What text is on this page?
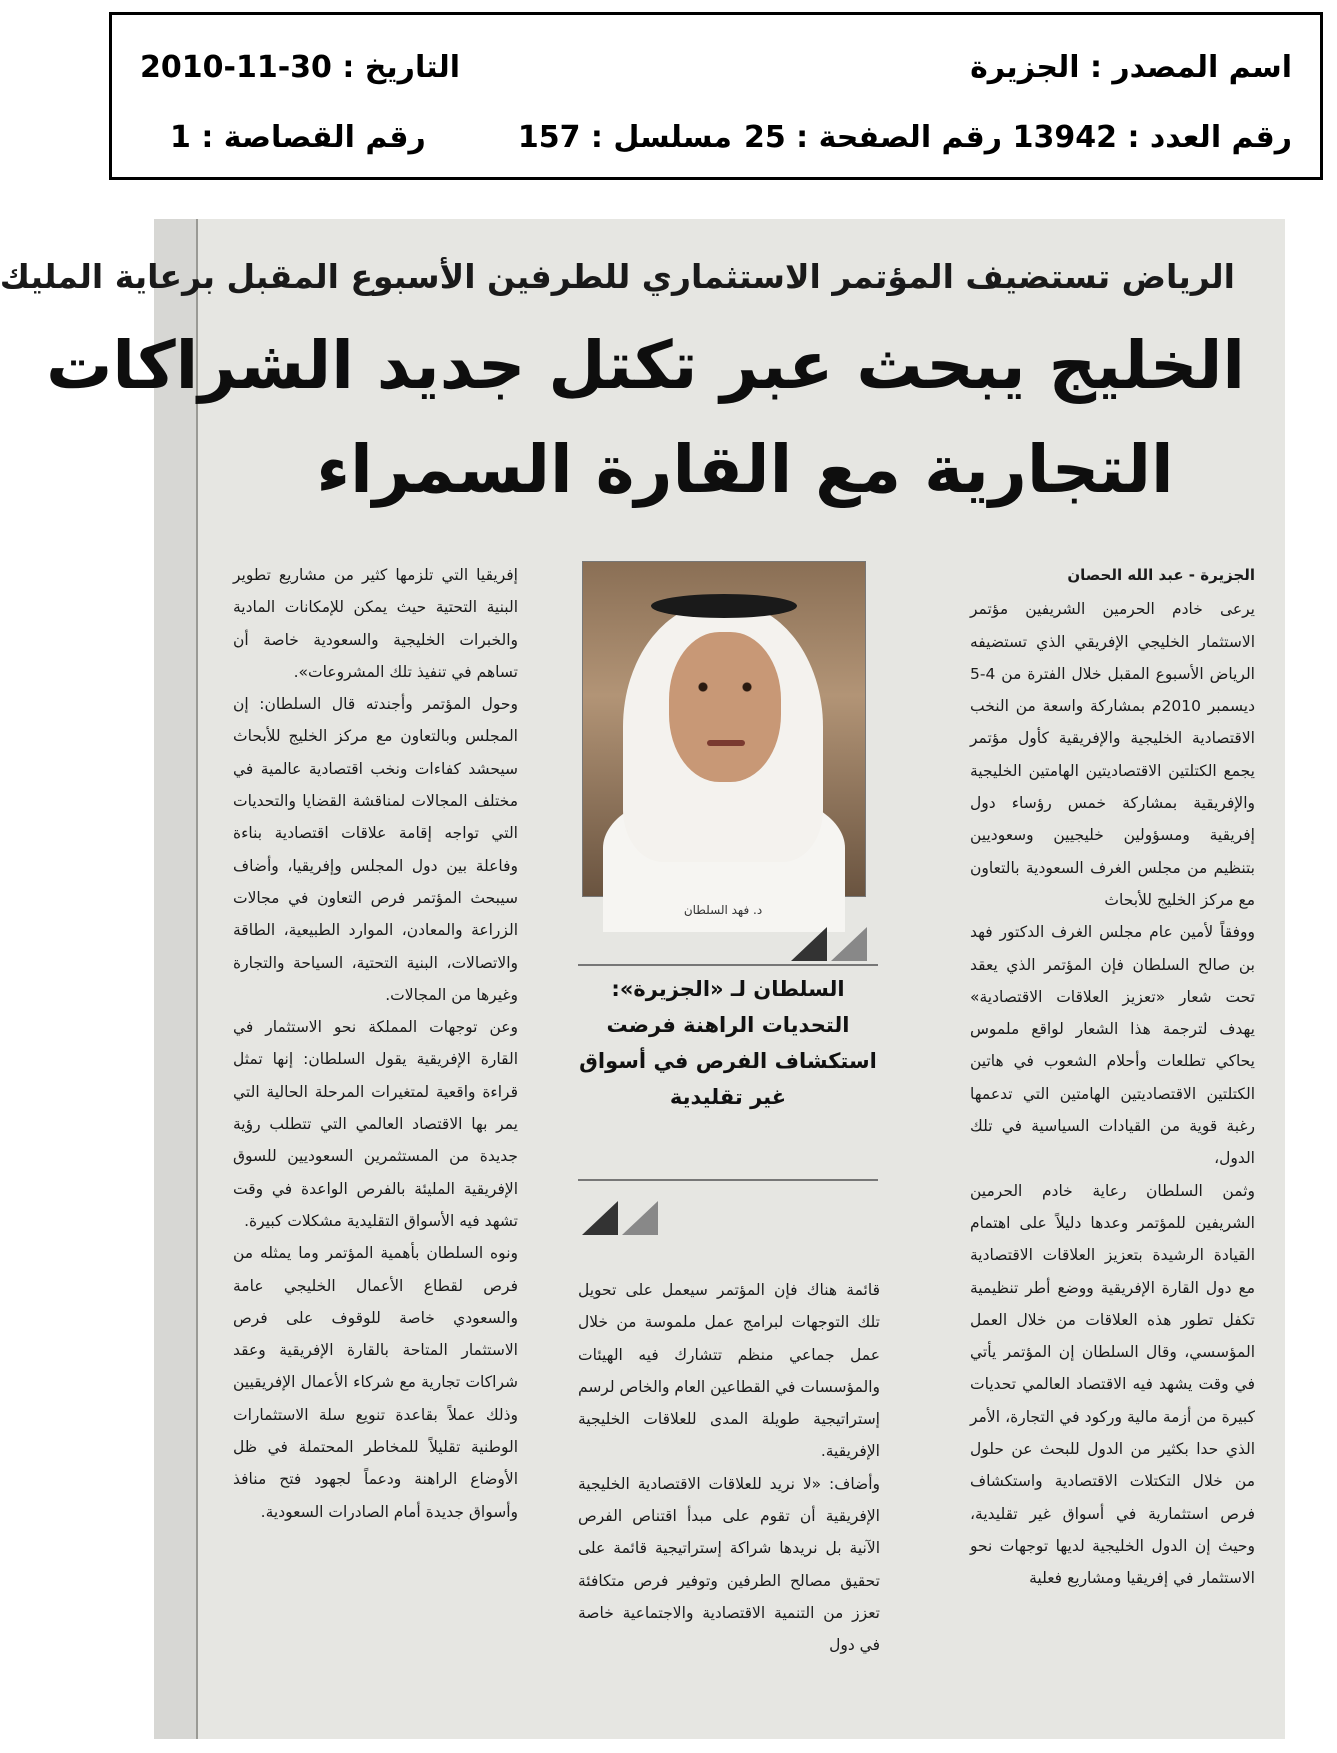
اسم المصدر : الجزيرة
التاريخ : 30-11-2010
رقم العدد : 13942
رقم الصفحة : 25
مسلسل : 157
رقم القصاصة : 1
الرياض تستضيف المؤتمر الاستثماري للطرفين الأسبوع المقبل برعاية المليك
الخليج يبحث عبر تكتل جديد الشراكات
التجارية مع القارة السمراء
الجزيرة - عبد الله الحصان

يرعى خادم الحرمين الشريفين مؤتمر الاستثمار الخليجي الإفريقي الذي تستضيفه الرياض الأسبوع المقبل خلال الفترة من 4-5 ديسمبر 2010م بمشاركة واسعة من النخب الاقتصادية الخليجية والإفريقية كأول مؤتمر يجمع الكتلتين الاقتصاديتين الهامتين الخليجية والإفريقية بمشاركة خمس رؤساء دول إفريقية ومسؤولين خليجيين وسعوديين بتنظيم من مجلس الغرف السعودية بالتعاون مع مركز الخليج للأبحاث

ووفقاً لأمين عام مجلس الغرف الدكتور فهد بن صالح السلطان فإن المؤتمر الذي يعقد تحت شعار «تعزيز العلاقات الاقتصادية» يهدف لترجمة هذا الشعار لواقع ملموس يحاكي تطلعات وأحلام الشعوب في هاتين الكتلتين الاقتصاديتين الهامتين التي تدعمها رغبة قوية من القيادات السياسية في تلك الدول،

وثمن السلطان رعاية خادم الحرمين الشريفين للمؤتمر وعدها دليلاً على اهتمام القيادة الرشيدة بتعزيز العلاقات الاقتصادية مع دول القارة الإفريقية ووضع أطر تنظيمية تكفل تطور هذه العلاقات من خلال العمل المؤسسي، وقال السلطان إن المؤتمر يأتي في وقت يشهد فيه الاقتصاد العالمي تحديات كبيرة من أزمة مالية وركود في التجارة، الأمر الذي حدا بكثير من الدول للبحث عن حلول من خلال التكتلات الاقتصادية واستكشاف فرص استثمارية في أسواق غير تقليدية، وحيث إن الدول الخليجية لديها توجهات نحو الاستثمار في إفريقيا ومشاريع فعلية

د. فهد السلطان
السلطان لـ «الجزيرة»:
التحديات الراهنة فرضت
استكشاف الفرص في أسواق
غير تقليدية

قائمة هناك فإن المؤتمر سيعمل على تحويل تلك التوجهات لبرامج عمل ملموسة من خلال عمل جماعي منظم تتشارك فيه الهيئات والمؤسسات في القطاعين العام والخاص لرسم إستراتيجية طويلة المدى للعلاقات الخليجية الإفريقية.

وأضاف: «لا نريد للعلاقات الاقتصادية الخليجية الإفريقية أن تقوم على مبدأ اقتناص الفرص الآنية بل نريدها شراكة إستراتيجية قائمة على تحقيق مصالح الطرفين وتوفير فرص متكافئة تعزز من التنمية الاقتصادية والاجتماعية خاصة في دول

إفريقيا التي تلزمها كثير من مشاريع تطوير البنية التحتية حيث يمكن للإمكانات المادية والخبرات الخليجية والسعودية خاصة أن تساهم في تنفيذ تلك المشروعات».

وحول المؤتمر وأجندته قال السلطان: إن المجلس وبالتعاون مع مركز الخليج للأبحاث سيحشد كفاءات ونخب اقتصادية عالمية في مختلف المجالات لمناقشة القضايا والتحديات التي تواجه إقامة علاقات اقتصادية بناءة وفاعلة بين دول المجلس وإفريقيا، وأضاف سيبحث المؤتمر فرص التعاون في مجالات الزراعة والمعادن، الموارد الطبيعية، الطاقة والاتصالات، البنية التحتية، السياحة والتجارة وغيرها من المجالات.

وعن توجهات المملكة نحو الاستثمار في القارة الإفريقية يقول السلطان: إنها تمثل قراءة واقعية لمتغيرات المرحلة الحالية التي يمر بها الاقتصاد العالمي التي تتطلب رؤية جديدة من المستثمرين السعوديين للسوق الإفريقية المليئة بالفرص الواعدة في وقت تشهد فيه الأسواق التقليدية مشكلات كبيرة.

ونوه السلطان بأهمية المؤتمر وما يمثله من فرص لقطاع الأعمال الخليجي عامة والسعودي خاصة للوقوف على فرص الاستثمار المتاحة بالقارة الإفريقية وعقد شراكات تجارية مع شركاء الأعمال الإفريقيين وذلك عملاً بقاعدة تنويع سلة الاستثمارات الوطنية تقليلاً للمخاطر المحتملة في ظل الأوضاع الراهنة ودعماً لجهود فتح منافذ وأسواق جديدة أمام الصادرات السعودية.
